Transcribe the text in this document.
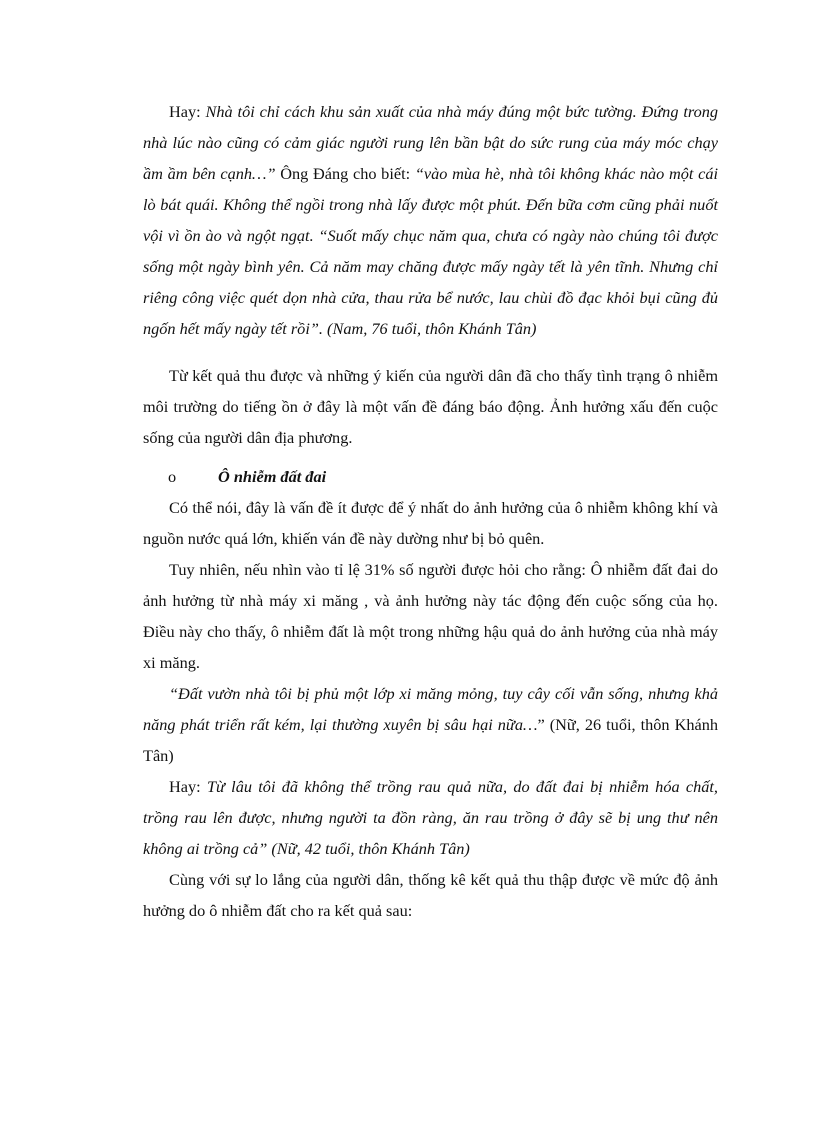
Hay: Nhà tôi chỉ cách khu sản xuất của nhà máy đúng một bức tường. Đứng trong nhà lúc nào cũng có cảm giác người rung lên bần bật do sức rung của máy móc chạy ầm ầm bên cạnh…” Ông Đáng cho biết: “vào mùa hè, nhà tôi không khác nào một cái lò bát quái. Không thể ngồi trong nhà lấy được một phút. Đến bữa cơm cũng phải nuốt vội vì ồn ào và ngột ngạt. “Suốt mấy chục năm qua, chưa có ngày nào chúng tôi được sống một ngày bình yên. Cả năm may chăng được mấy ngày tết là yên tĩnh. Nhưng chỉ riêng công việc quét dọn nhà cửa, thau rửa bể nước, lau chùi đồ đạc khỏi bụi cũng đủ ngốn hết mấy ngày tết rồi”. (Nam, 76 tuổi, thôn Khánh Tân)

Từ kết quả thu được và những ý kiến của người dân đã cho thấy tình trạng ô nhiễm môi trường do tiếng ồn ở đây là một vấn đề đáng báo động. Ảnh hưởng xấu đến cuộc sống của người dân địa phương.

o	Ô nhiễm đất đai

Có thể nói, đây là vấn đề ít được để ý nhất do ảnh hưởng của ô nhiễm không khí và nguồn nước quá lớn, khiến ván đề này dường như bị bỏ quên.

Tuy nhiên, nếu nhìn vào tỉ lệ 31% số người được hỏi cho rằng: Ô nhiễm đất đai do ảnh hưởng từ nhà máy xi măng , và ảnh hưởng này tác động đến cuộc sống của họ. Điều này cho thấy, ô nhiễm đất là một trong những hậu quả do ảnh hưởng của nhà máy xi măng.

“Đất vườn nhà tôi bị phủ một lớp xi măng mỏng, tuy cây cối vẫn sống, nhưng khả năng phát triển rất kém, lại thường xuyên bị sâu hại nữa…” (Nữ, 26 tuổi, thôn Khánh Tân)

Hay: Từ lâu tôi đã không thể trồng rau quả nữa, do đất đai bị nhiễm hóa chất, trồng rau lên được, nhưng người ta đồn ràng, ăn rau trồng ở đây sẽ bị ung thư nên không ai trồng cả” (Nữ, 42 tuổi, thôn Khánh Tân)

Cùng với sự lo lắng của người dân, thống kê kết quả thu thập được về mức độ ảnh hưởng do ô nhiễm đất cho ra kết quả sau:
